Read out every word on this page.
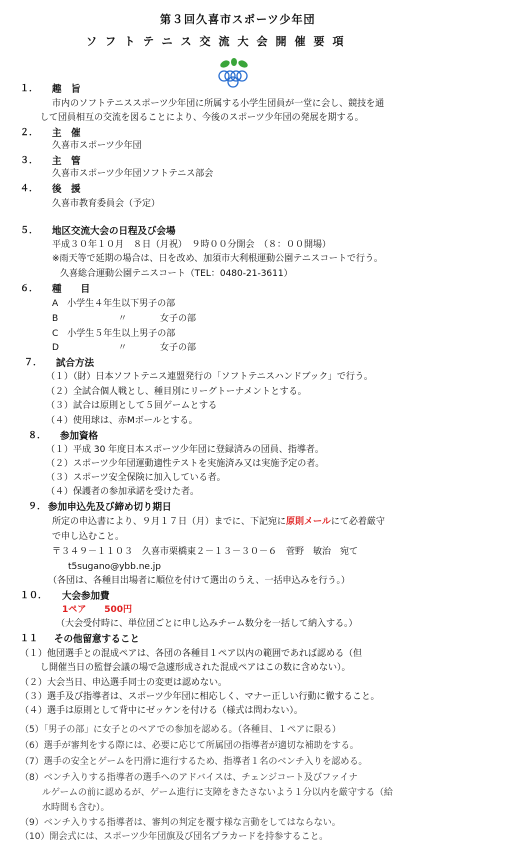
第３回久喜市スポーツ少年団
ソフトテニス交流大会開催要項
１． 趣　旨
市内のソフトテニススポーツ少年団に所属する小学生団員が一堂に会し、競技を通
して団員相互の交流を図ることにより、今後のスポーツ少年団の発展を期する。
２． 主　催
久喜市スポーツ少年団
３． 主　管
久喜市スポーツ少年団ソフトテニス部会
４． 後　援
久喜市教育委員会（予定）
５． 地区交流大会の日程及び会場
平成３０年１０月　８日（月祝）　９時００分開会　（８：００開場）
※雨天等で延期の場合は、日を改め、加須市大利根運動公園テニスコートで行う。
久喜総合運動公園テニスコート（TEL：0480-21-3611）
６． 種　　目
A　小学生４年生以下男子の部
B	〃	女子の部
C　小学生５年生以上男子の部
D	〃	女子の部
７． 試合方法
（１）（財）日本ソフトテニス連盟発行の「ソフトテニスハンドブック」で行う。
（２）全試合個人戦とし、種目別にリーグトーナメントとする。
（３）試合は原則として５回ゲームとする
（４）使用球は、赤Mボールとする。
８． 参加資格
（１）平成 30 年度日本スポーツ少年団に登録済みの団員、指導者。
（２）スポーツ少年団運動適性テストを実施済み又は実施予定の者。
（３）スポーツ安全保険に加入している者。
（４）保護者の参加承諾を受けた者。
９． 参加申込先及び締め切り期日
所定の申込書により、９月１７日（月）までに、下記宛に原則メールにて必着厳守
で申し込むこと。
〒３４９－１１０３　久喜市栗橋東２－１３－３０－６　菅野　敏治　宛て
t5sugano@ybb.ne.jp
（各団は、各種目出場者に順位を付けて選出のうえ、一括申込みを行う。）
１０． 大会参加費
1ペア　　500円
（大会受付時に、単位団ごとに申し込みチーム数分を一括して納入する。）
１１ その他留意すること
（１）他団選手との混成ペアは、各団の各種目１ペア以内の範囲であれば認める（但
し開催当日の監督会議の場で急遽形成された混成ペアはこの数に含めない）。
（２）大会当日、申込選手同士の変更は認めない。
（３）選手及び指導者は、スポーツ少年団に相応しく、マナー正しい行動に徹すること。
（４）選手は原則として背中にゼッケンを付ける（様式は問わない）。
（5）「男子の部」に女子とのペアでの参加を認める。（各種目、１ペアに限る）
（6）選手が審判をする際には、必要に応じて所属団の指導者が適切な補助をする。
（7）選手の安全とゲームを円滑に進行するため、指導者１名のベンチ入りを認める。
（8）ベンチ入りする指導者の選手へのアドバイスは、チェンジコート及びファイナ
ルゲームの前に認めるが、ゲーム進行に支障をきたさないよう１分以内を厳守する（給
水時間も含む）。
（9）ベンチ入りする指導者は、審判の判定を覆す様な言動をしてはならない。
（10）開会式には、スポーツ少年団旗及び団名プラカードを持参すること。
